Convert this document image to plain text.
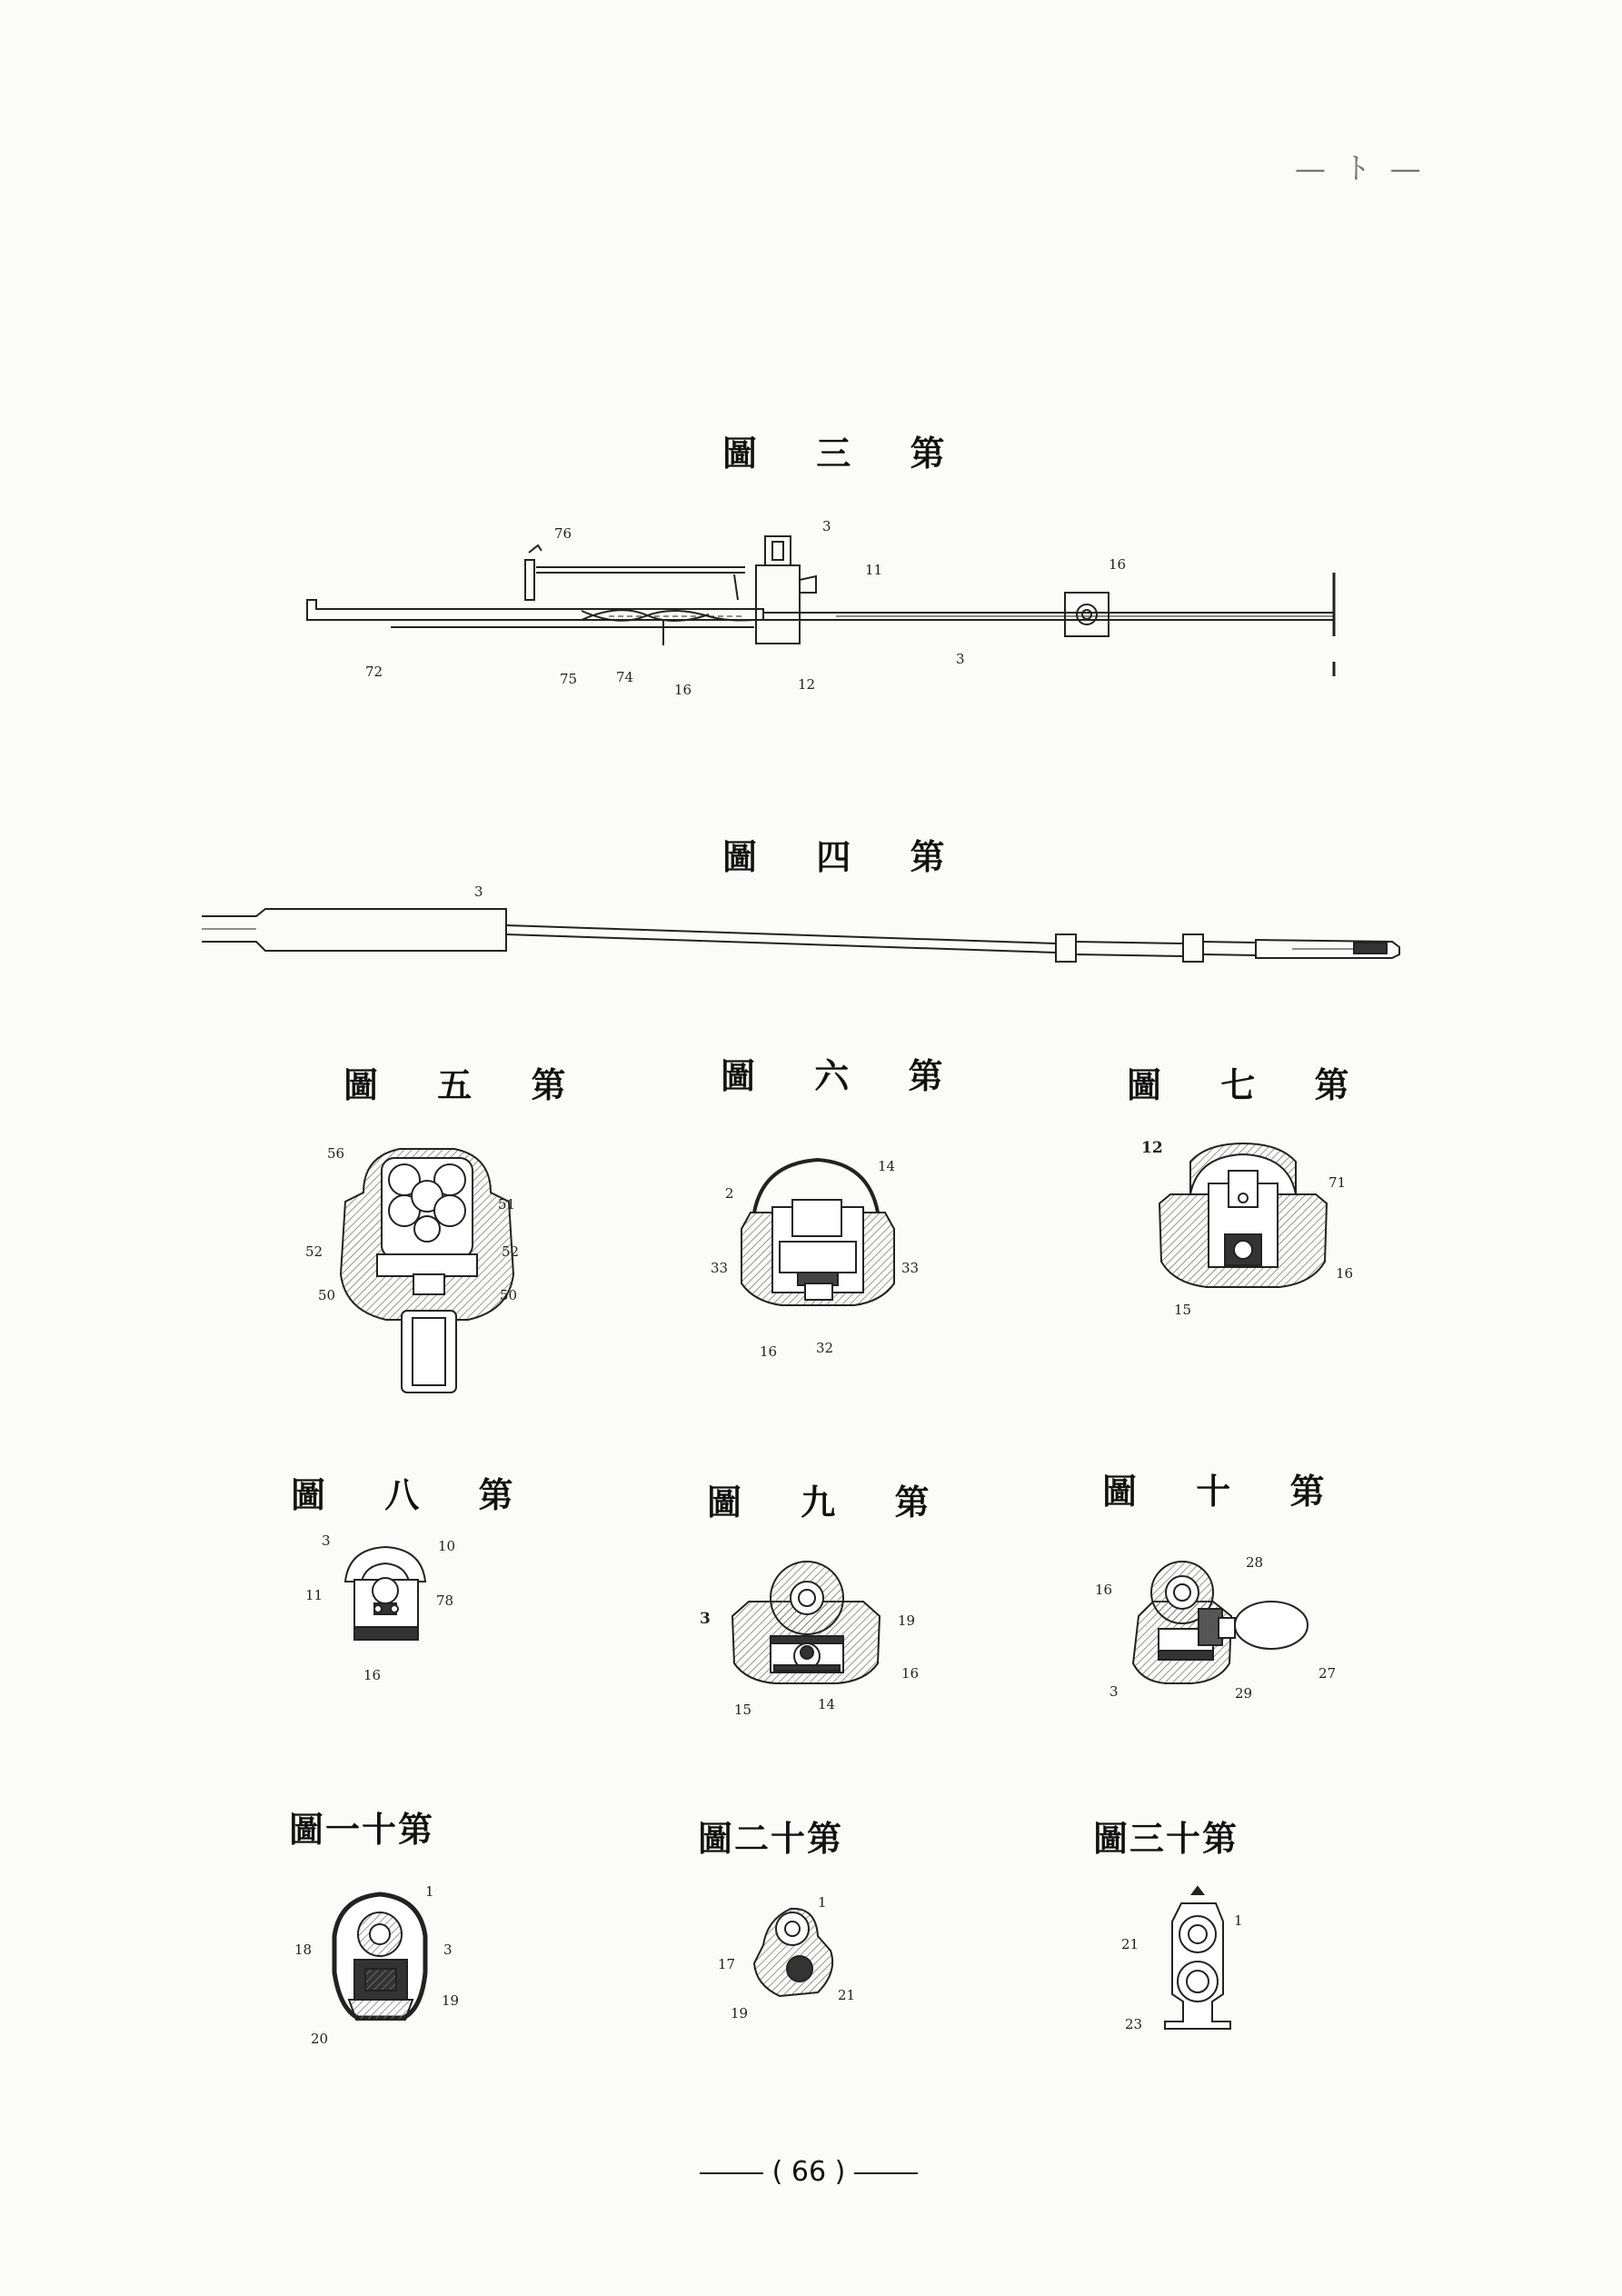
— ﾄ —
圖 三 第
76	3
11	16
72	75	74
16	12
3
圖 四 第
3
圖 五 第
56
51
52	52
50	50
圖 六 第
2
14
33	33
16	32
圖 七 第
12
71
16
15
圖 八 第
3	10
11	78
16
圖 九 第
3	19
16
15	14
圖 十 第
16
28
3	29
27
圖一十第
1
18	3
19
20
圖二十第
1
17
21
19
圖三十第
1
21
23
( 66 )
